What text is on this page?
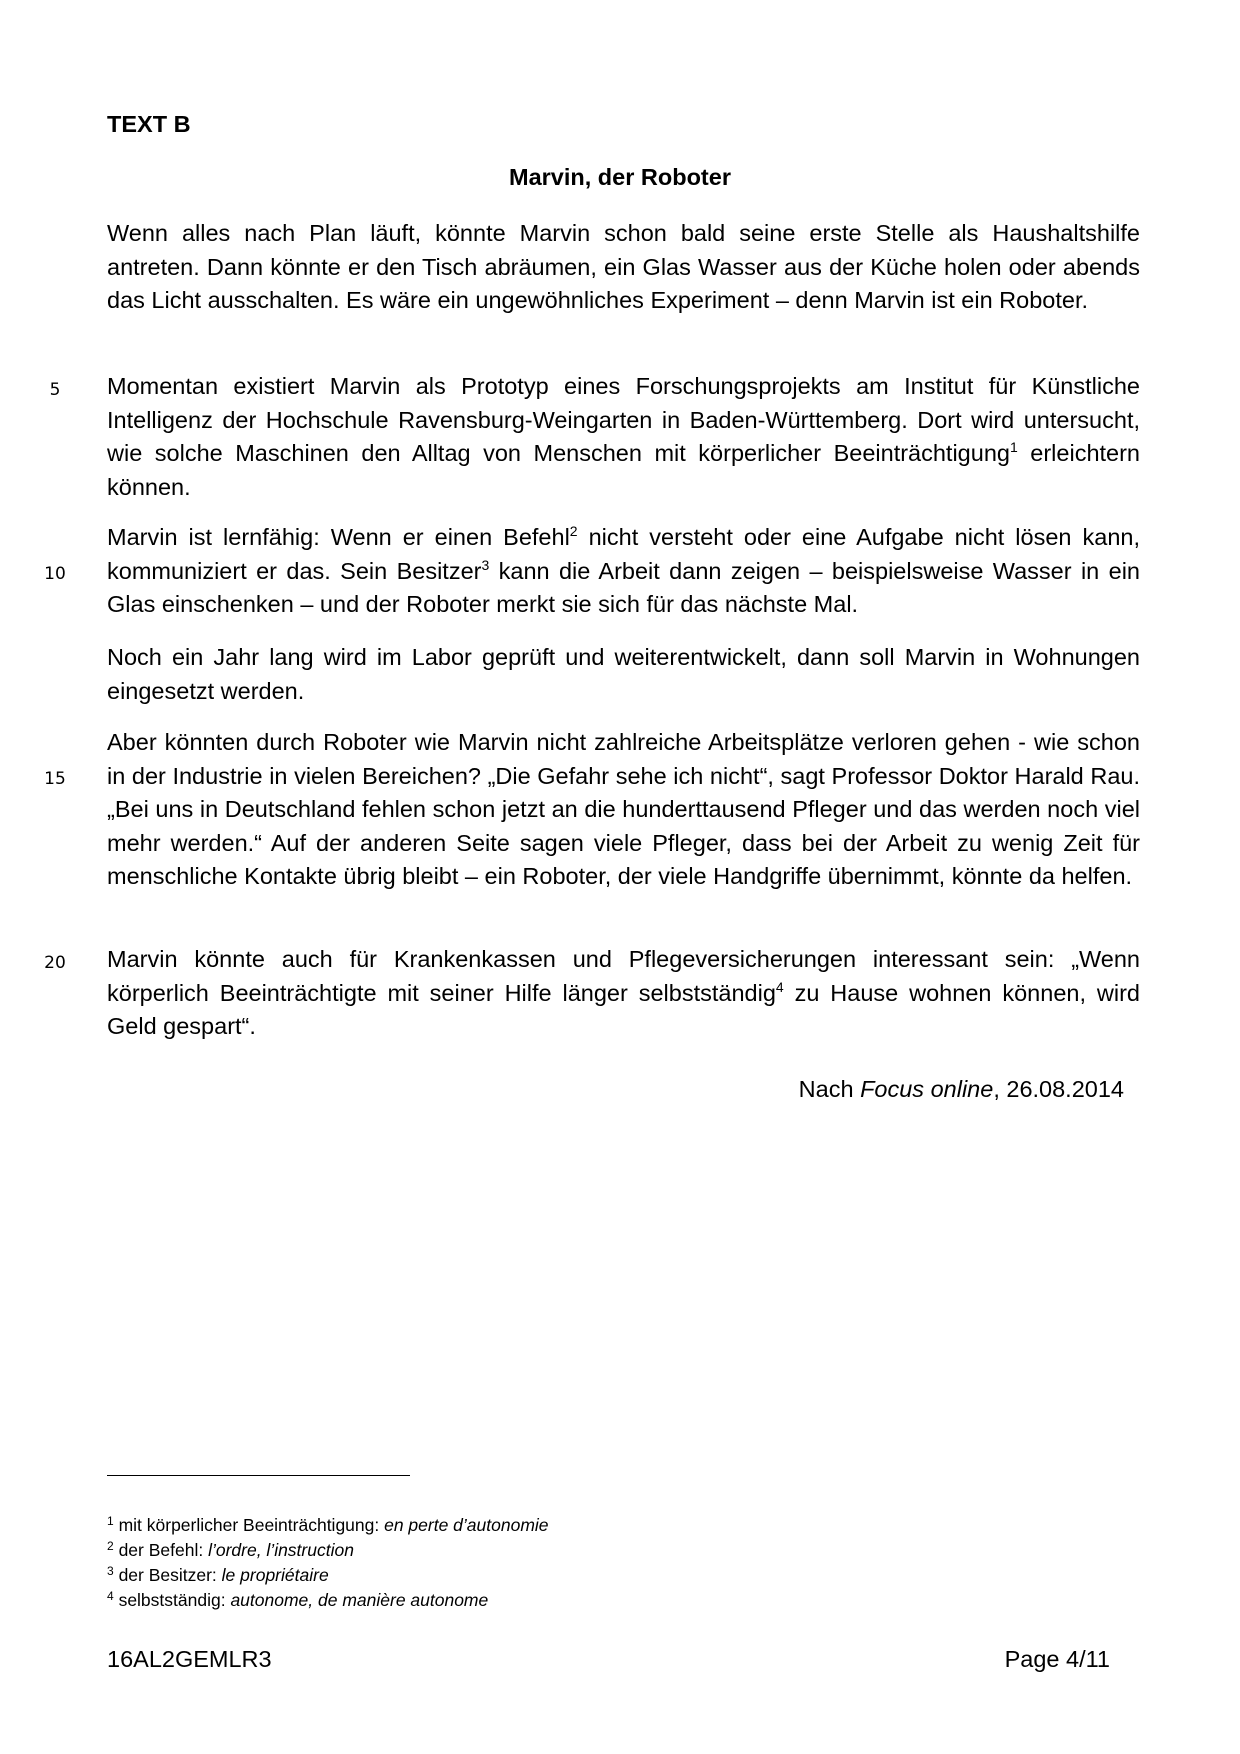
TEXT B
Marvin, der Roboter
Wenn alles nach Plan läuft, könnte Marvin schon bald seine erste Stelle als Haushaltshilfe antreten. Dann könnte er den Tisch abräumen, ein Glas Wasser aus der Küche holen oder abends das Licht ausschalten. Es wäre ein ungewöhnliches Experiment – denn Marvin ist ein Roboter.
5	Momentan existiert Marvin als Prototyp eines Forschungsprojekts am Institut für Künstliche Intelligenz der Hochschule Ravensburg-Weingarten in Baden-Württemberg. Dort wird untersucht, wie solche Maschinen den Alltag von Menschen mit körperlicher Beeinträchtigung$^1$ erleichtern können.
10
Marvin ist lernfähig: Wenn er einen Befehl$^2$ nicht versteht oder eine Aufgabe nicht lösen kann, kommuniziert er das. Sein Besitzer$^3$ kann die Arbeit dann zeigen – beispielsweise Wasser in ein Glas einschenken – und der Roboter merkt sie sich für das nächste Mal.
Noch ein Jahr lang wird im Labor geprüft und weiterentwickelt, dann soll Marvin in Wohnungen eingesetzt werden.
15
Aber könnten durch Roboter wie Marvin nicht zahlreiche Arbeitsplätze verloren gehen - wie schon in der Industrie in vielen Bereichen? „Die Gefahr sehe ich nicht“, sagt Professor Doktor Harald Rau. „Bei uns in Deutschland fehlen schon jetzt an die hunderttausend Pfleger und das werden noch viel mehr werden.“ Auf der anderen Seite sagen viele Pfleger, dass bei der Arbeit zu wenig Zeit für menschliche Kontakte übrig bleibt – ein Roboter, der viele Handgriffe übernimmt, könnte da helfen.
20 Marvin könnte auch für Krankenkassen und Pflegeversicherungen interessant sein: „Wenn körperlich Beeinträchtigte mit seiner Hilfe länger selbstständig$^4$ zu Hause wohnen können, wird Geld gespart“.
Nach Focus online, 26.08.2014
$^1$ mit körperlicher Beeinträchtigung: en perte d’autonomie
$^2$ der Befehl: l’ordre, l’instruction
$^3$ der Besitzer: le propriétaire
$^4$ selbstständig: autonome, de manière autonome
16AL2GEMLR3	Page 4/11
